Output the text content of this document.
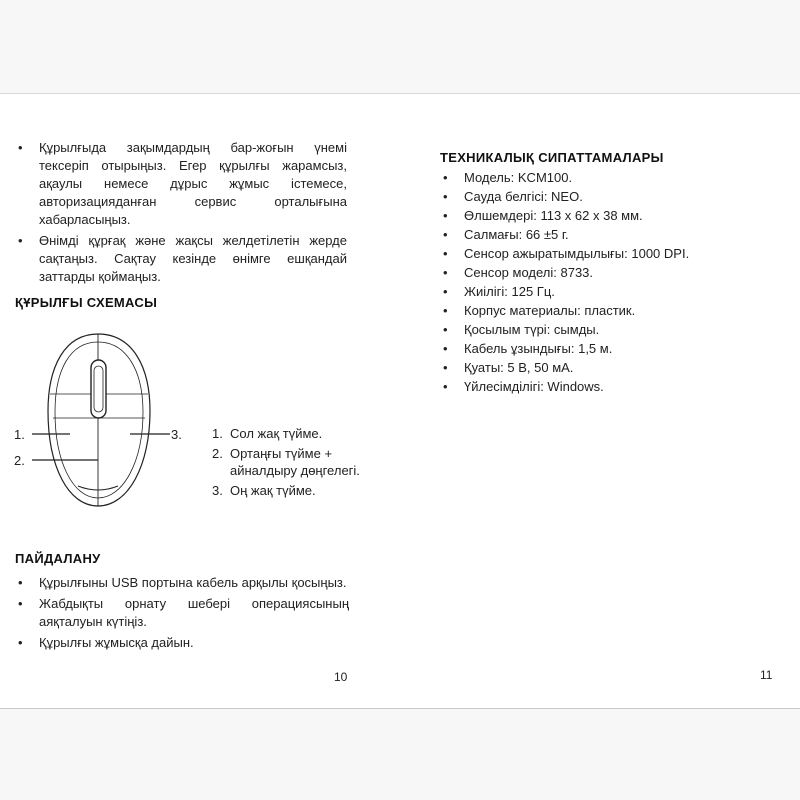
• Құрылғыда зақымдардың бар-жоғын үнемі тексеріп отырыңыз. Егер құрылғы жарамсыз, ақаулы немесе дұрыс жұмыс істемесе, авторизацияданған сервис орталығына хабарласыңыз.
• Өнімді құрғақ және жақсы желдетілетін жерде сақтаңыз. Сақтау кезінде өнімге ешқандай заттарды қоймаңыз.
ҚҰРЫЛҒЫ СХЕМАСЫ
1.
2.
3. 1. Сол жақ түйме.
2. Ортаңғы түйме + айналдыру дөңгелегі.
3. Оң жақ түйме.
ПАЙДАЛАНУ
• Құрылғыны USB портына кабель арқылы қосыңыз.
• Жабдықты орнату шебері операциясының аяқталуын күтіңіз.
• Құрылғы жұмысқа дайын.
10
ТЕХНИКАЛЫҚ СИПАТТАМАЛАРЫ
• Модель: KCM100.
• Сауда белгісі: NEO.
• Өлшемдері: 113 x 62 x 38 мм.
• Салмағы: 66 ±5 г.
• Сенсор ажыратымдылығы: 1000 DPI.
• Сенсор моделі: 8733.
• Жиілігі: 125 Гц.
• Корпус материалы: пластик.
• Қосылым түрі: сымды.
• Кабель ұзындығы: 1,5 м.
• Қуаты: 5 В, 50 мА.
• Үйлесімділігі: Windows.
11
